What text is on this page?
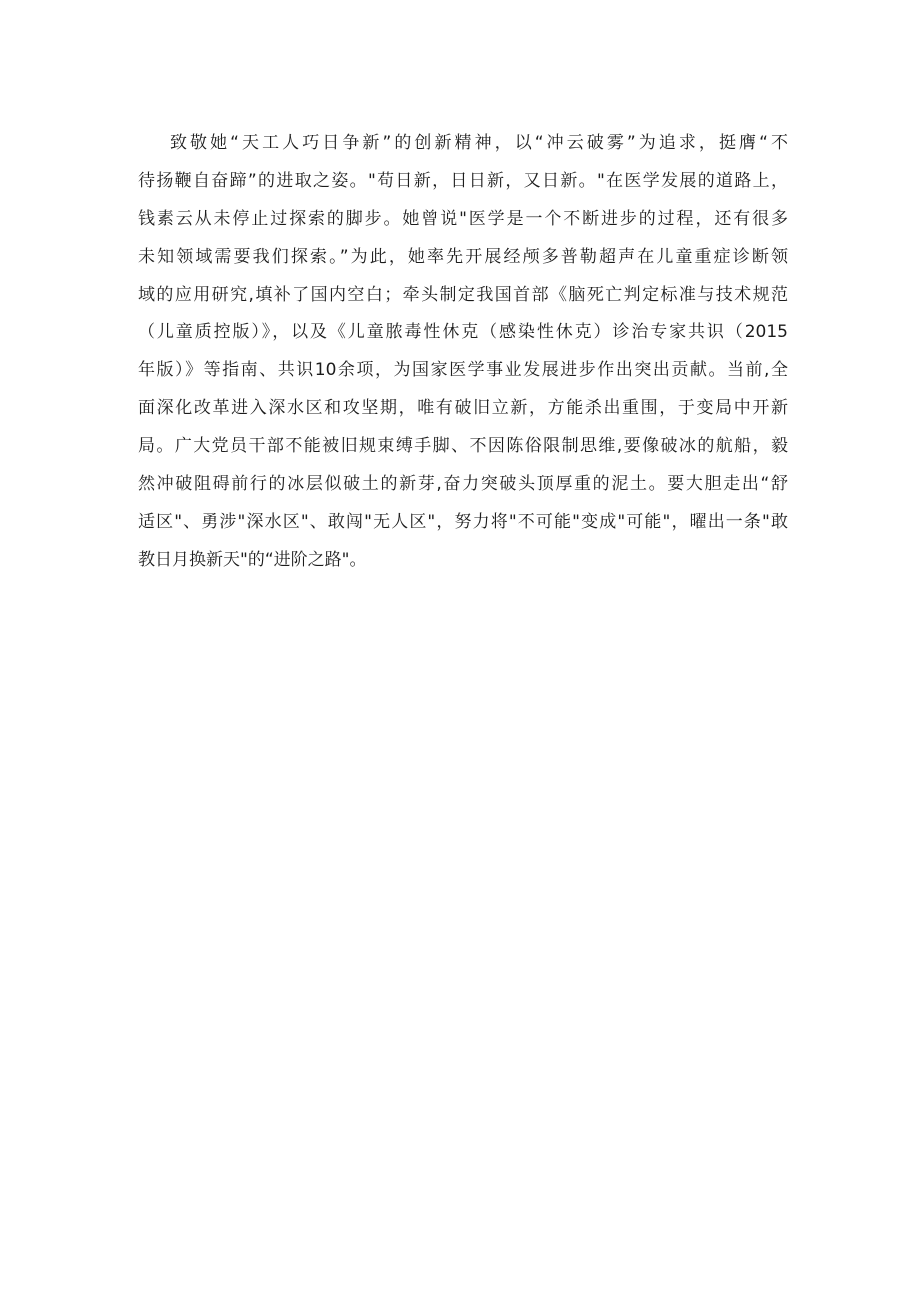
致敬她“天工人巧日争新”的创新精神，以“冲云破雾”为追求，挺膺“不
待扬鞭自奋蹄”的进取之姿。"苟日新，日日新，又日新。"在医学发展的道路上，
钱素云从未停止过探索的脚步。她曾说"医学是一个不断进步的过程，还有很多
未知领域需要我们探索。”为此，她率先开展经颅多普勒超声在儿童重症诊断领
域的应用研究,填补了国内空白；牵头制定我国首部《脑死亡判定标准与技术规范
（儿童质控版）》，以及《儿童脓毒性休克（感染性休克）诊治专家共识（2015
年版）》等指南、共识10余项，为国家医学事业发展进步作出突出贡献。当前,全
面深化改革进入深水区和攻坚期，唯有破旧立新，方能杀出重围，于变局中开新
局。广大党员干部不能被旧规束缚手脚、不因陈俗限制思维,要像破冰的航船，毅
然冲破阻碍前行的冰层似破土的新芽,奋力突破头顶厚重的泥土。要大胆走出“舒
适区"、勇涉"深水区"、敢闯"无人区"，努力将"不可能"变成"可能"，曜出一条"敢
教日月换新天"的“进阶之路"。
